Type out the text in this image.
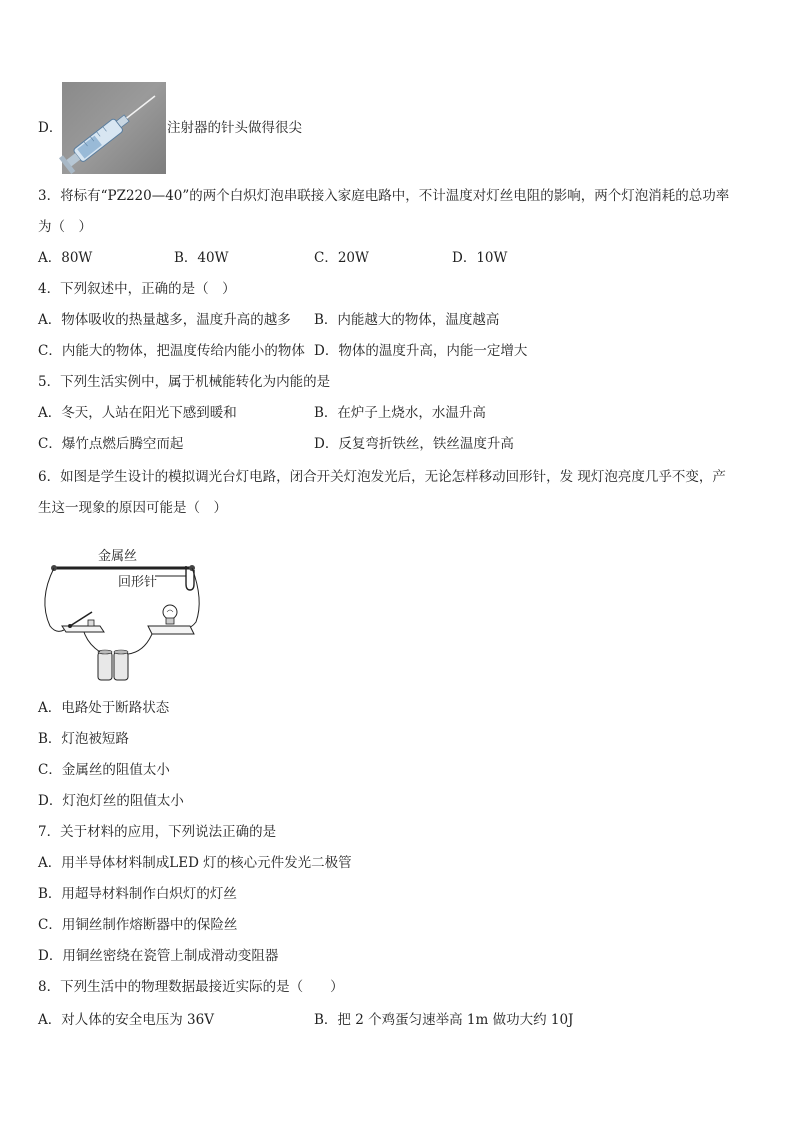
D．	注射器的针头做得很尖
3．将标有“PZ220—40”的两个白炽灯泡串联接入家庭电路中，不计温度对灯丝电阻的影响，两个灯泡消耗的总功率
为（　）
A．80W	B．40W	C．20W	D．10W
4．下列叙述中，正确的是（　）
A．物体吸收的热量越多，温度升高的越多 B．内能越大的物体，温度越高
C．内能大的物体，把温度传给内能小的物体 D．物体的温度升高，内能一定增大
5．下列生活实例中，属于机械能转化为内能的是
A．冬天，人站在阳光下感到暖和	B．在炉子上烧水，水温升高
C．爆竹点燃后腾空而起	D．反复弯折铁丝，铁丝温度升高
6．如图是学生设计的模拟调光台灯电路，闭合开关灯泡发光后，无论怎样移动回形针，发 现灯泡亮度几乎不变，产
生这一现象的原因可能是（　）
金属丝
回形针
A．电路处于断路状态
B．灯泡被短路
C．金属丝的阻值太小
D．灯泡灯丝的阻值太小
7．关于材料的应用，下列说法正确的是
A．用半导体材料制成LED 灯的核心元件发光二极管
B．用超导材料制作白炽灯的灯丝
C．用铜丝制作熔断器中的保险丝
D．用铜丝密绕在瓷管上制成滑动变阻器
8．下列生活中的物理数据最接近实际的是（　　）
A．对人体的安全电压为 36V	B．把 2 个鸡蛋匀速举高 1m 做功大约 10J
